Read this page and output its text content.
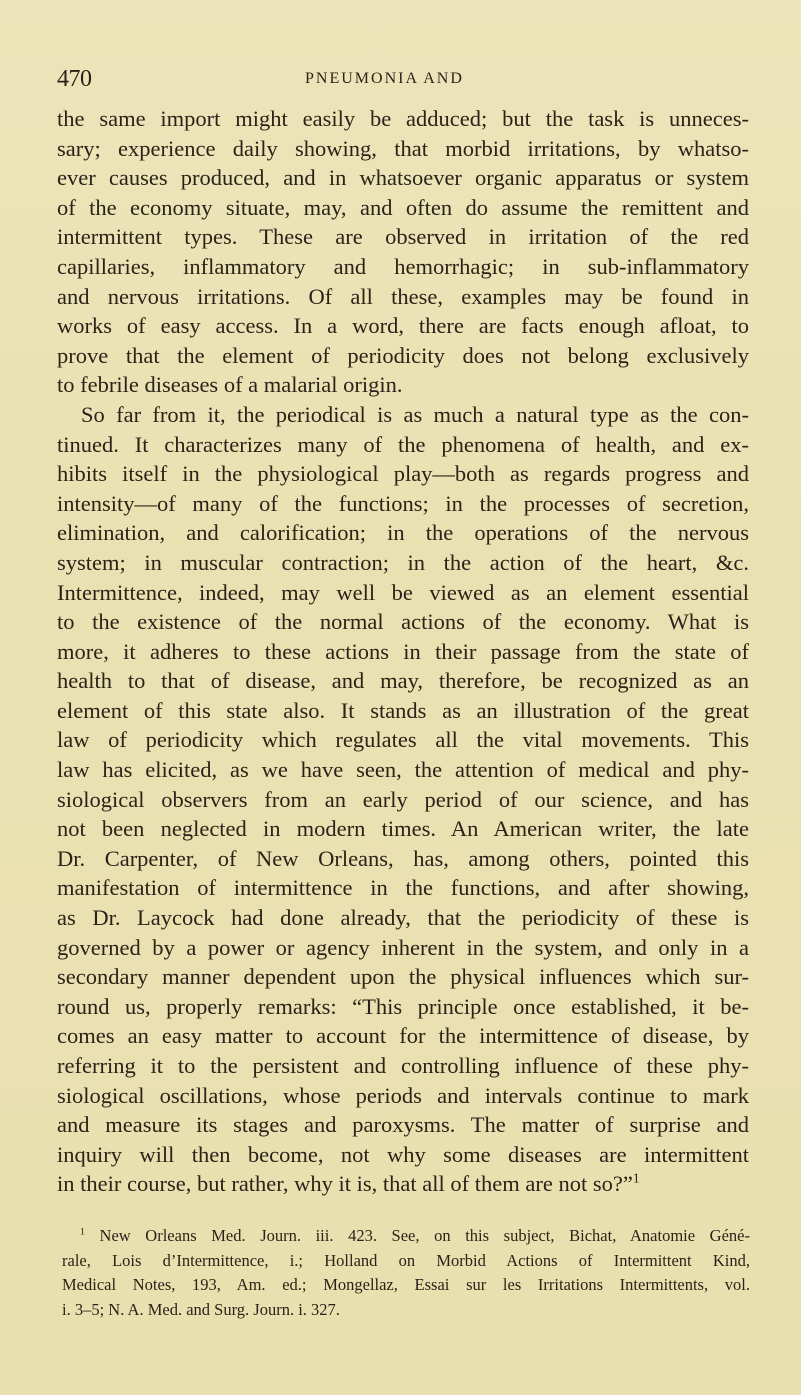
470	PNEUMONIA AND
the same import might easily be adduced; but the task is unneces-
sary; experience daily showing, that morbid irritations, by whatso-
ever causes produced, and in whatsoever organic apparatus or system
of the economy situate, may, and often do assume the remittent and
intermittent types. These are observed in irritation of the red
capillaries, inflammatory and hemorrhagic; in sub-inflammatory
and nervous irritations. Of all these, examples may be found in
works of easy access. In a word, there are facts enough afloat, to
prove that the element of periodicity does not belong exclusively
to febrile diseases of a malarial origin.
So far from it, the periodical is as much a natural type as the con-
tinued. It characterizes many of the phenomena of health, and ex-
hibits itself in the physiological play—both as regards progress and
intensity—of many of the functions; in the processes of secretion,
elimination, and calorification; in the operations of the nervous
system; in muscular contraction; in the action of the heart, &c.
Intermittence, indeed, may well be viewed as an element essential
to the existence of the normal actions of the economy. What is
more, it adheres to these actions in their passage from the state of
health to that of disease, and may, therefore, be recognized as an
element of this state also. It stands as an illustration of the great
law of periodicity which regulates all the vital movements. This
law has elicited, as we have seen, the attention of medical and phy-
siological observers from an early period of our science, and has
not been neglected in modern times. An American writer, the late
Dr. Carpenter, of New Orleans, has, among others, pointed this
manifestation of intermittence in the functions, and after showing,
as Dr. Laycock had done already, that the periodicity of these is
governed by a power or agency inherent in the system, and only in a
secondary manner dependent upon the physical influences which sur-
round us, properly remarks: “This principle once established, it be-
comes an easy matter to account for the intermittence of disease, by
referring it to the persistent and controlling influence of these phy-
siological oscillations, whose periods and intervals continue to mark
and measure its stages and paroxysms. The matter of surprise and
inquiry will then become, not why some diseases are intermittent
in their course, but rather, why it is, that all of them are not so?”$^1$
$^1$ New Orleans Med. Journ. iii. 423. See, on this subject, Bichat, Anatomie Géné-
rale, Lois d’Intermittence, i.; Holland on Morbid Actions of Intermittent Kind,
Medical Notes, 193, Am. ed.; Mongellaz, Essai sur les Irritations Intermittents, vol.
i. 3–5; N. A. Med. and Surg. Journ. i. 327.
